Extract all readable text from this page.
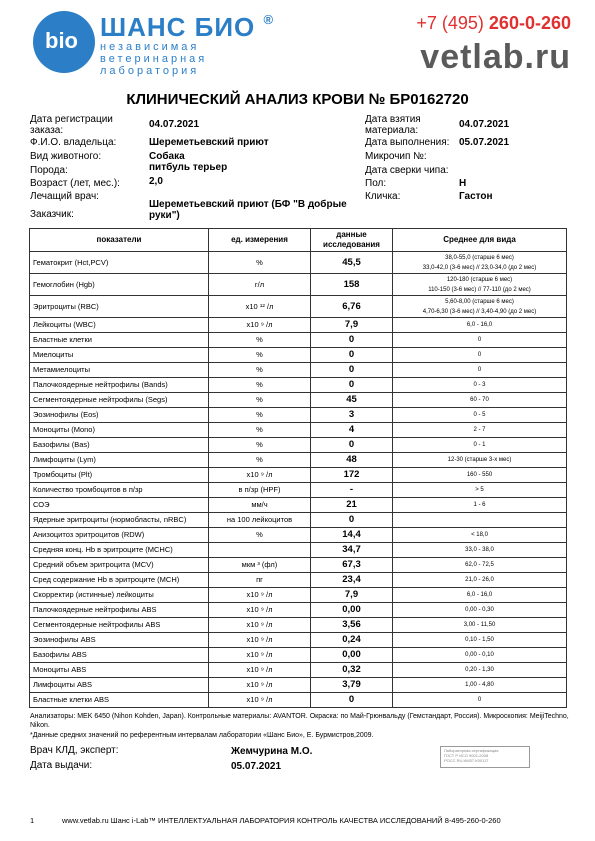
bio ШАНС БИО ®
независимая
ветеринарная
лаборатория
+7 (495) 260-0-260
vetlab.ru
КЛИНИЧЕСКИЙ АНАЛИЗ КРОВИ № БР0162720
Дата регистрации заказа:
04.07.2021
Ф.И.О. владельца:	Шереметьевский приют
Вид животного:	Собака
Порода:	питбуль терьер
Возраст (лет, мес.):	2,0
Лечащий врач:
Заказчик:
Шереметьевский приют (БФ "В добрые руки")
Дата взятия материала:
04.07.2021
Дата выполнения: 05.07.2021
Микрочип №:
Дата сверки чипа:
Пол:	Н
Кличка:	Гастон
показатели	ед. измерения	данные исследования	Среднее для вида
Гематокрит (Hct,PCV)	%	45,5	38,0-55,0 (старше 6 мес)
33,0-42,0 (3-6 мес) // 23,0-34,0 (до 2 мес)
Гемоглобин (Hgb)	г/л	158	120-180 (старше 6 мес)
110-150 (3-6 мес) // 77-110 (до 2 мес)
Эритроциты (RBC)	x10 ¹² /л	6,76	5,60-8,00 (старше 6 мес)
4,70-6,30 (3-6 мес) // 3,40-4,90 (до 2 мес)
Лейкоциты (WBC)	x10 ⁹ /л	7,9	6,0 - 16,0
Бластные клетки	%	0	0
Миелоциты	%	0	0
Метамиелоциты	%	0	0
Палочкоядерные нейтрофилы (Bands)	%	0	0 - 3
Сегментоядерные нейтрофилы (Segs)	%	45	60 - 70
Эозинофилы (Eos)	%	3	0 - 5
Моноциты (Mono)	%	4	2 - 7
Базофилы (Bas)	%	0	0 - 1
Лимфоциты (Lym)	%	48	12-30 (старше 3-х мес)
Тромбоциты (Plt)	x10 ⁹ /л	172	160 - 550
Количество тромбоцитов в п/зр	в п/зр (HPF)	-	> 5
СОЭ	мм/ч	21	1 - 6
Ядерные эритроциты (нормобласты, nRBC)	на 100 лейкоцитов	0	
Анизоцитоз эритроцитов (RDW)	%	14,4	< 18,0
Средняя конц. Hb в эритроците (MCHC)		34,7	33,0 - 38,0
Средний объем эритроцита (MCV)	мкм ³ (фл)	67,3	62,0 - 72,5
Сред содержание Hb в эритроците (MCH)	пг	23,4	21,0 - 26,0
Скорректир (истинные) лейкоциты	x10 ⁹ /л	7,9	6,0 - 16,0
Палочкоядерные нейтрофилы ABS	x10 ⁹ /л	0,00	0,00 - 0,30
Сегментоядерные нейтрофилы ABS	x10 ⁹ /л	3,56	3,00 - 11,50
Эозинофилы ABS	x10 ⁹ /л	0,24	0,10 - 1,50
Базофилы ABS	x10 ⁹ /л	0,00	0,00 - 0,10
Моноциты ABS	x10 ⁹ /л	0,32	0,20 - 1,30
Лимфоциты ABS	x10 ⁹ /л	3,79	1,00 - 4,80
Бластные клетки ABS	x10 ⁹ /л	0	0
Анализаторы: MEK 6450 (Nihon Kohden, Japan). Контрольные материалы: AVANTOR. Окраска: по Май-Грюнвальду (Гемстандарт, Россия). Микроскопия: MeijiTechno, Nikon.
*Данные средних значений по референтным интервалам лаборатории «Шанс Био», Е. Бурмистров,2009.
Врач КЛД, эксперт:	Жемчурина М.О.
Дата выдачи:	05.07.2021
Лабораторная сертификация
ГОСТ Р ИСО 9001-2008
РОСС RU.ИМ37.К00117
1	www.vetlab.ru Шанс i-Lab™ ИНТЕЛЛЕКТУАЛЬНАЯ ЛАБОРАТОРИЯ КОНТРОЛЬ КАЧЕСТВА ИССЛЕДОВАНИЙ 8-495-260-0-260
